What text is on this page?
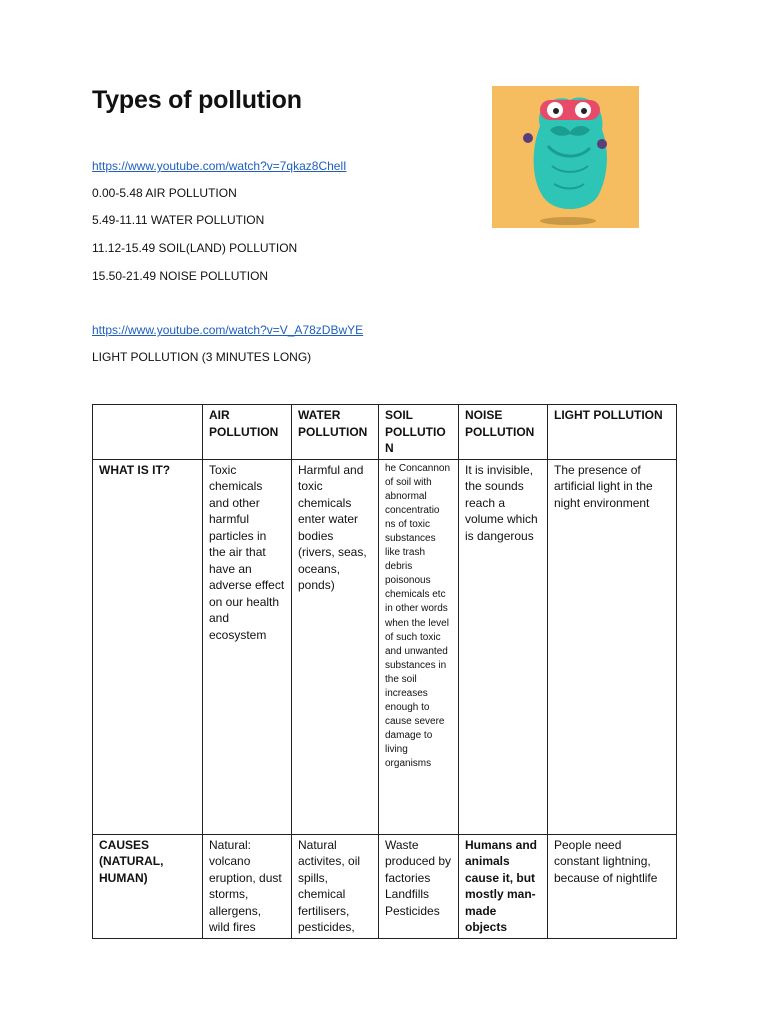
Types of pollution
https://www.youtube.com/watch?v=7qkaz8ChelI
0.00-5.48 AIR POLLUTION
5.49-11.11 WATER POLLUTION
11.12-15.49 SOIL(LAND) POLLUTION
15.50-21.49 NOISE POLLUTION
https://www.youtube.com/watch?v=V_A78zDBwYE
LIGHT POLLUTION (3 MINUTES LONG)
	AIR POLLUTION	WATER POLLUTION	SOIL POLLUTIO N	NOISE POLLUTION	LIGHT POLLUTION
WHAT IS IT?	Toxic chemicals and other harmful particles in the air that have an adverse effect on our health and ecosystem	Harmful and toxic chemicals enter water bodies (rivers, seas, oceans, ponds)	he Concannon of soil with abnormal concentratio ns of toxic substances like trash debris poisonous chemicals etc in other words when the level of such toxic and unwanted substances in the soil increases enough to cause severe damage to living organisms	It is invisible, the sounds reach a volume which is dangerous	The presence of artificial light in the night environment
CAUSES (NATURAL, HUMAN)	Natural: volcano eruption, dust storms, allergens, wild fires	Natural activites, oil spills, chemical fertilisers, pesticides,	Waste produced by factories Landfills Pesticides	Humans and animals cause it, but mostly man-made objects	People need constant lightning, because of nightlife
